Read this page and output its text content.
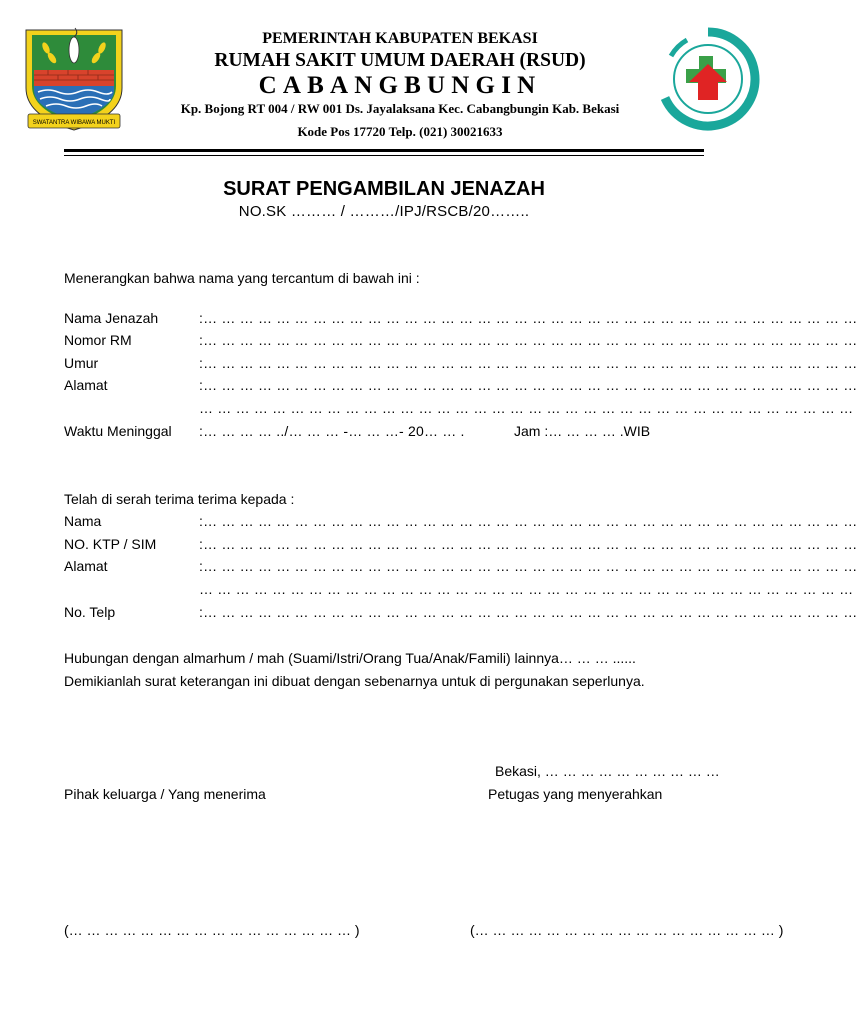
SWATANTRA WIBAWA MUKTI
PEMERINTAH KABUPATEN BEKASI
RUMAH SAKIT UMUM DAERAH (RSUD)
CABANGBUNGIN
Kp. Bojong RT 004 / RW 001 Ds. Jayalaksana Kec. Cabangbungin Kab. Bekasi
Kode Pos 17720 Telp. (021) 30021633
SURAT PENGAMBILAN JENAZAH
NO.SK ……… / ………/IPJ/RSCB/20……..
Menerangkan bahwa nama yang tercantum di bawah ini :
Nama Jenazah	:… … … … … … … … … … … … … … … … … … … … … … … … … … … … … … … … … … … …
Nomor RM	:… … … … … … … … … … … … … … … … … … … … … … … … … … … … … … … … … … … …
Umur	:… … … … … … … … … … … … … … … … … … … … … … … … … … … … … … … … … … … …
Alamat	:… … … … … … … … … … … … … … … … … … … … … … … … … … … … … … … … … … … …
… … … … … … … … … … … … … … … … … … … … … … … … … … … … … … … … … … … …
Waktu Meninggal :… … … … ../… … … -… … …- 20… … .	Jam :… … … … .WIB
Telah di serah terima terima kepada :
Nama	:… … … … … … … … … … … … … … … … … … … … … … … … … … … … … … … … … … … …
NO. KTP / SIM	:… … … … … … … … … … … … … … … … … … … … … … … … … … … … … … … … … … … …
Alamat	:… … … … … … … … … … … … … … … … … … … … … … … … … … … … … … … … … … … …
… … … … … … … … … … … … … … … … … … … … … … … … … … … … … … … … … … … …
No. Telp	:… … … … … … … … … … … … … … … … … … … … … … … … … … … … … … … … … … … …
Hubungan dengan almarhum / mah (Suami/Istri/Orang Tua/Anak/Famili) lainnya… … … ......
Demikianlah surat keterangan ini dibuat dengan sebenarnya untuk di pergunakan seperlunya.
Bekasi, … … … … … … … … … …
Pihak keluarga / Yang menerima	Petugas yang menyerahkan
(… … … … … … … … … … … … … … … … )	(… … … … … … … … … … … … … … … … … )
